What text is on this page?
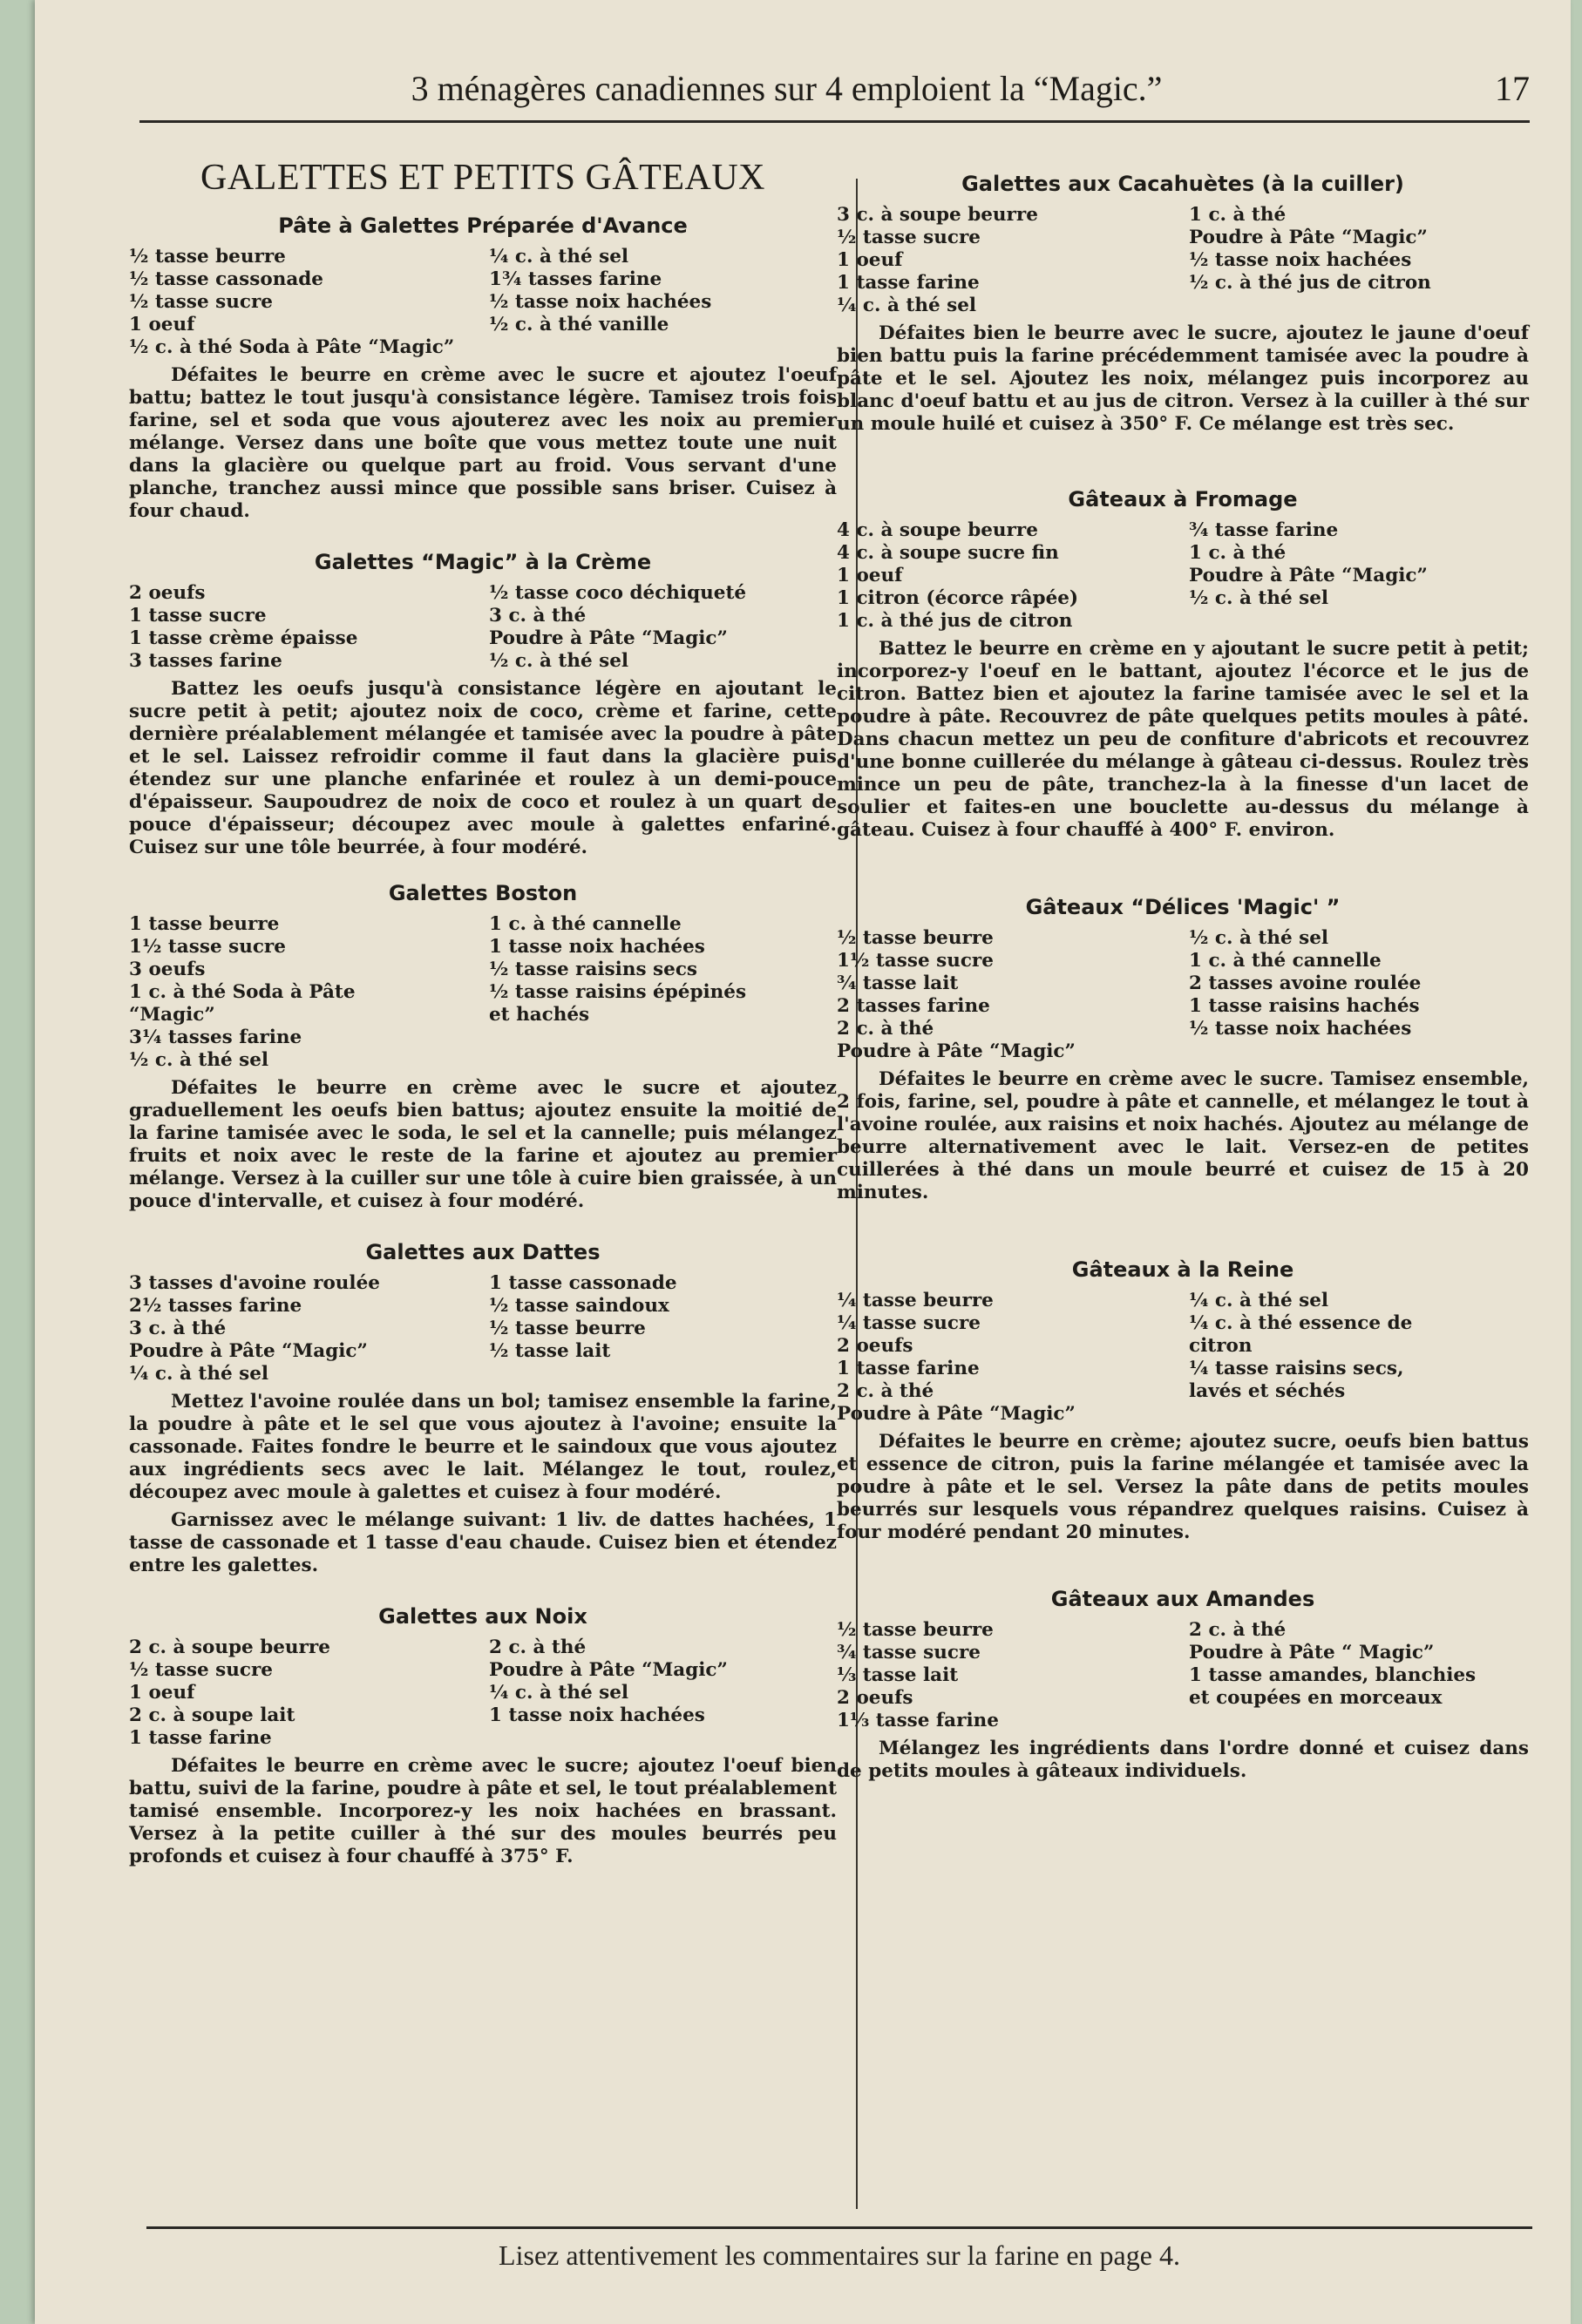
3 ménagères canadiennes sur 4 emploient la “Magic.”	17
GALETTES ET PETITS GÂTEAUX
Pâte à Galettes Préparée d'Avance
½ tasse beurre
½ tasse cassonade
½ tasse sucre
1 oeuf
½ c. à thé Soda à Pâte “Magic”
¼ c. à thé sel
1¾ tasses farine
½ tasse noix hachées
½ c. à thé vanille

Défaites le beurre en crème avec le sucre et ajoutez l'oeuf battu; battez le tout jusqu'à consistance légère. Tamisez trois fois farine, sel et soda que vous ajouterez avec les noix au premier mélange. Versez dans une boîte que vous mettez toute une nuit dans la glacière ou quelque part au froid. Vous servant d'une planche, tranchez aussi mince que possible sans briser. Cuisez à four chaud.

Galettes “Magic” à la Crème
2 oeufs
1 tasse sucre
1 tasse crème épaisse
3 tasses farine
½ tasse coco déchiqueté
3 c. à thé
Poudre à Pâte “Magic”
½ c. à thé sel

Battez les oeufs jusqu'à consistance légère en ajoutant le sucre petit à petit; ajoutez noix de coco, crème et farine, cette dernière préalablement mélangée et tamisée avec la poudre à pâte et le sel. Laissez refroidir comme il faut dans la glacière puis étendez sur une planche enfarinée et roulez à un demi-pouce d'épaisseur. Saupoudrez de noix de coco et roulez à un quart de pouce d'épaisseur; découpez avec moule à galettes enfariné. Cuisez sur une tôle beurrée, à four modéré.

Galettes Boston
1 tasse beurre
1½ tasse sucre
3 oeufs
1 c. à thé Soda à Pâte
“Magic”
3¼ tasses farine
½ c. à thé sel
1 c. à thé cannelle
1 tasse noix hachées
½ tasse raisins secs
½ tasse raisins épépinés
et hachés

Défaites le beurre en crème avec le sucre et ajoutez graduellement les oeufs bien battus; ajoutez ensuite la moitié de la farine tamisée avec le soda, le sel et la cannelle; puis mélangez fruits et noix avec le reste de la farine et ajoutez au premier mélange. Versez à la cuiller sur une tôle à cuire bien graissée, à un pouce d'intervalle, et cuisez à four modéré.

Galettes aux Dattes
3 tasses d'avoine roulée
2½ tasses farine
3 c. à thé
Poudre à Pâte “Magic”
¼ c. à thé sel
1 tasse cassonade
½ tasse saindoux
½ tasse beurre
½ tasse lait

Mettez l'avoine roulée dans un bol; tamisez ensemble la farine, la poudre à pâte et le sel que vous ajoutez à l'avoine; ensuite la cassonade. Faites fondre le beurre et le saindoux que vous ajoutez aux ingrédients secs avec le lait. Mélangez le tout, roulez, découpez avec moule à galettes et cuisez à four modéré.

Garnissez avec le mélange suivant: 1 liv. de dattes hachées, 1 tasse de cassonade et 1 tasse d'eau chaude. Cuisez bien et étendez entre les galettes.

Galettes aux Noix
2 c. à soupe beurre
½ tasse sucre
1 oeuf
2 c. à soupe lait
1 tasse farine
2 c. à thé
Poudre à Pâte “Magic”
¼ c. à thé sel
1 tasse noix hachées

Défaites le beurre en crème avec le sucre; ajoutez l'oeuf bien battu, suivi de la farine, poudre à pâte et sel, le tout préalablement tamisé ensemble. Incorporez-y les noix hachées en brassant. Versez à la petite cuiller à thé sur des moules beurrés peu profonds et cuisez à four chauffé à 375° F.

Galettes aux Cacahuètes (à la cuiller)
3 c. à soupe beurre
½ tasse sucre
1 oeuf
1 tasse farine
¼ c. à thé sel
1 c. à thé
Poudre à Pâte “Magic”
½ tasse noix hachées
½ c. à thé jus de citron

Défaites bien le beurre avec le sucre, ajoutez le jaune d'oeuf bien battu puis la farine précédemment tamisée avec la poudre à pâte et le sel. Ajoutez les noix, mélangez puis incorporez au blanc d'oeuf battu et au jus de citron. Versez à la cuiller à thé sur un moule huilé et cuisez à 350° F. Ce mélange est très sec.

Gâteaux à Fromage
4 c. à soupe beurre
4 c. à soupe sucre fin
1 oeuf
1 citron (écorce râpée)
1 c. à thé jus de citron
¾ tasse farine
1 c. à thé
Poudre à Pâte “Magic”
½ c. à thé sel

Battez le beurre en crème en y ajoutant le sucre petit à petit; incorporez-y l'oeuf en le battant, ajoutez l'écorce et le jus de citron. Battez bien et ajoutez la farine tamisée avec le sel et la poudre à pâte. Recouvrez de pâte quelques petits moules à pâté. Dans chacun mettez un peu de confiture d'abricots et recouvrez d'une bonne cuillerée du mélange à gâteau ci-dessus. Roulez très mince un peu de pâte, tranchez-la à la finesse d'un lacet de soulier et faites-en une bouclette au-dessus du mélange à gâteau. Cuisez à four chauffé à 400° F. environ.

Gâteaux “Délices 'Magic' ”
½ tasse beurre
1½ tasse sucre
¾ tasse lait
2 tasses farine
2 c. à thé
Poudre à Pâte “Magic”
½ c. à thé sel
1 c. à thé cannelle
2 tasses avoine roulée
1 tasse raisins hachés
½ tasse noix hachées

Défaites le beurre en crème avec le sucre. Tamisez ensemble, 2 fois, farine, sel, poudre à pâte et cannelle, et mélangez le tout à l'avoine roulée, aux raisins et noix hachés. Ajoutez au mélange de beurre alternativement avec le lait. Versez-en de petites cuillerées à thé dans un moule beurré et cuisez de 15 à 20 minutes.

Gâteaux à la Reine
¼ tasse beurre
¼ tasse sucre
2 oeufs
1 tasse farine
2 c. à thé
Poudre à Pâte “Magic”
¼ c. à thé sel
¼ c. à thé essence de
citron
¼ tasse raisins secs,
lavés et séchés

Défaites le beurre en crème; ajoutez sucre, oeufs bien battus et essence de citron, puis la farine mélangée et tamisée avec la poudre à pâte et le sel. Versez la pâte dans de petits moules beurrés sur lesquels vous répandrez quelques raisins. Cuisez à four modéré pendant 20 minutes.

Gâteaux aux Amandes
½ tasse beurre
¾ tasse sucre
⅓ tasse lait
2 oeufs
1⅓ tasse farine
2 c. à thé
Poudre à Pâte “ Magic”
1 tasse amandes, blanchies
et coupées en morceaux

Mélangez les ingrédients dans l'ordre donné et cuisez dans de petits moules à gâteaux individuels.

Lisez attentivement les commentaires sur la farine en page 4.
